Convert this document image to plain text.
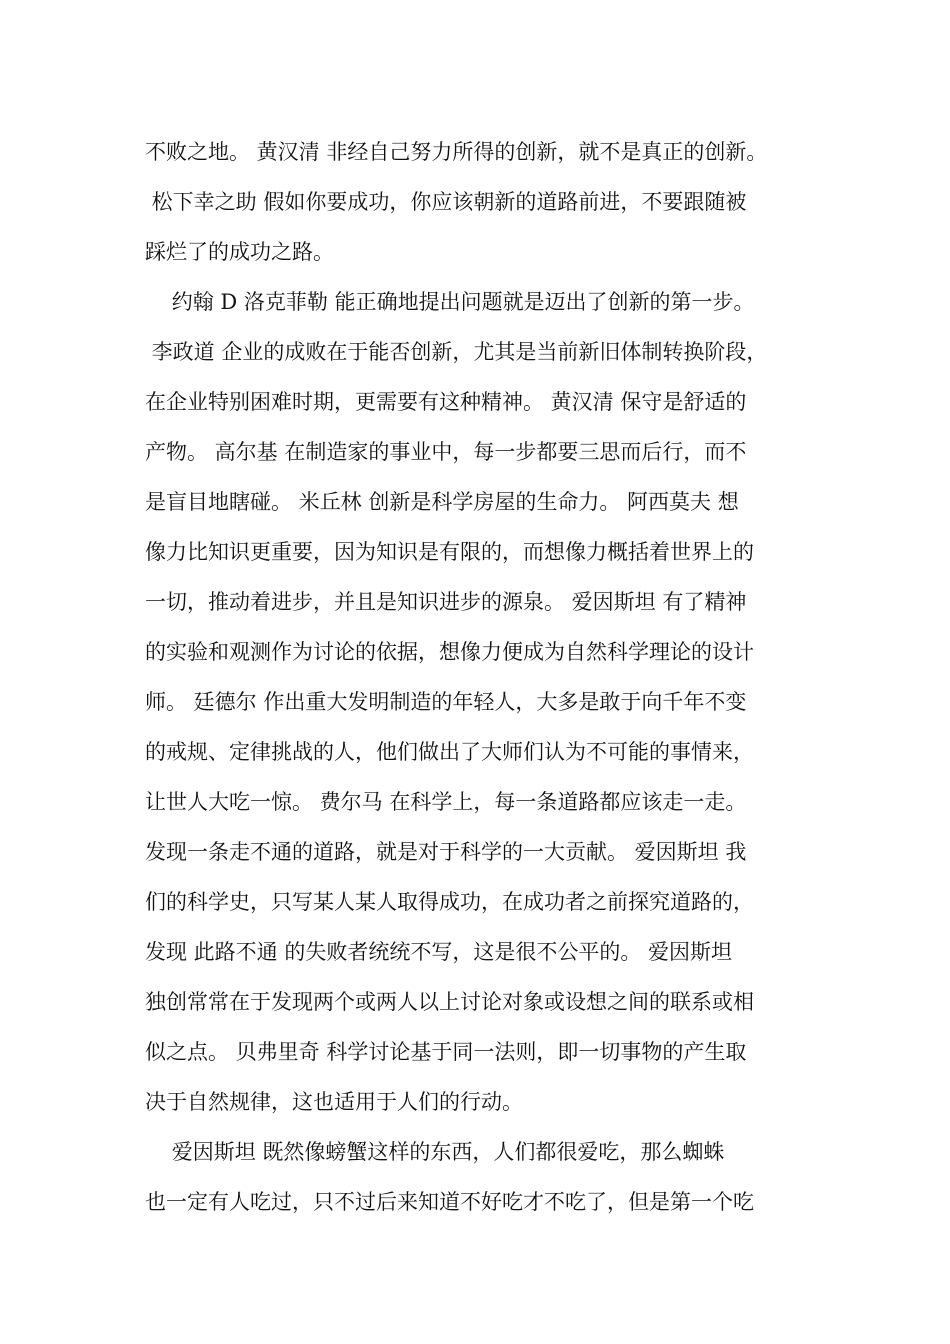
不败之地。 黄汉清 非经自己努力所得的创新，就不是真正的创新。
松下幸之助 假如你要成功，你应该朝新的道路前进，不要跟随被
踩烂了的成功之路。
约翰 D 洛克菲勒 能正确地提出问题就是迈出了创新的第一步。
李政道 企业的成败在于能否创新，尤其是当前新旧体制转换阶段，
在企业特别困难时期，更需要有这种精神。 黄汉清 保守是舒适的
产物。 高尔基 在制造家的事业中，每一步都要三思而后行，而不
是盲目地瞎碰。 米丘林 创新是科学房屋的生命力。 阿西莫夫 想
像力比知识更重要，因为知识是有限的，而想像力概括着世界上的
一切，推动着进步，并且是知识进步的源泉。 爱因斯坦 有了精神
的实验和观测作为讨论的依据，想像力便成为自然科学理论的设计
师。 廷德尔 作出重大发明制造的年轻人，大多是敢于向千年不变
的戒规、定律挑战的人，他们做出了大师们认为不可能的事情来，
让世人大吃一惊。 费尔马 在科学上，每一条道路都应该走一走。
发现一条走不通的道路，就是对于科学的一大贡献。 爱因斯坦 我
们的科学史，只写某人某人取得成功，在成功者之前探究道路的，
发现 此路不通 的失败者统统不写，这是很不公平的。 爱因斯坦
独创常常在于发现两个或两人以上讨论对象或设想之间的联系或相
似之点。 贝弗里奇 科学讨论基于同一法则，即一切事物的产生取
决于自然规律，这也适用于人们的行动。
爱因斯坦 既然像螃蟹这样的东西，人们都很爱吃，那么蜘蛛
也一定有人吃过，只不过后来知道不好吃才不吃了，但是第一个吃
